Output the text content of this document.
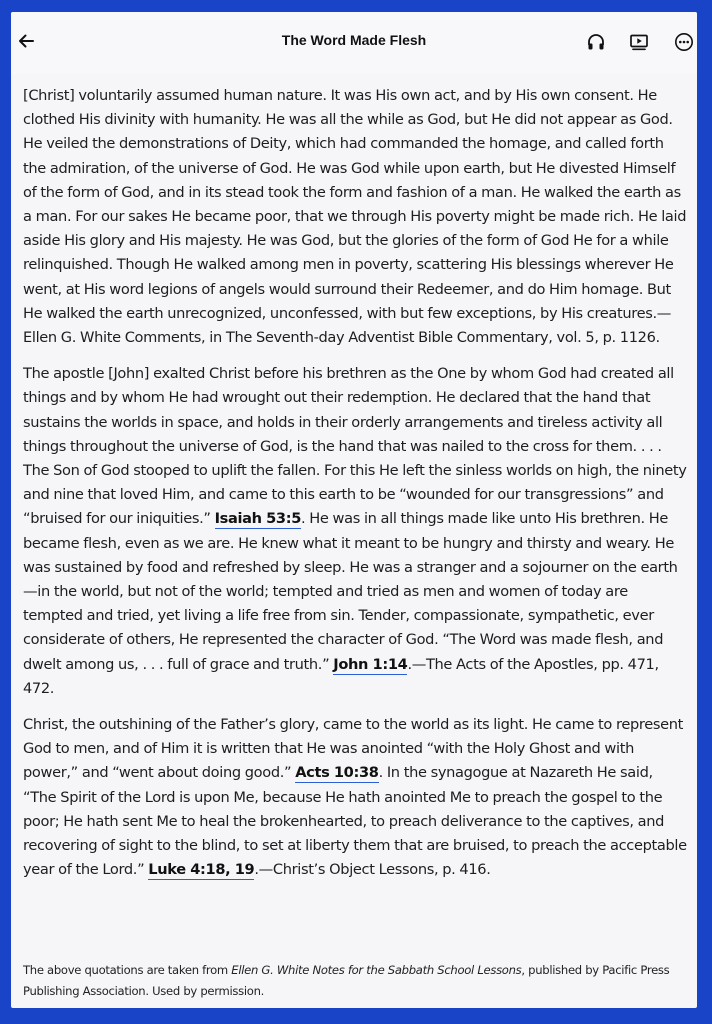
The Word Made Flesh

[Christ] voluntarily assumed human nature. It was His own act, and by His own consent. He clothed His divinity with humanity. He was all the while as God, but He did not appear as God. He veiled the demonstrations of Deity, which had commanded the homage, and called forth the admiration, of the universe of God. He was God while upon earth, but He divested Himself of the form of God, and in its stead took the form and fashion of a man. He walked the earth as a man. For our sakes He became poor, that we through His poverty might be made rich. He laid aside His glory and His majesty. He was God, but the glories of the form of God He for a while relinquished. Though He walked among men in poverty, scattering His blessings wherever He went, at His word legions of angels would surround their Redeemer, and do Him homage. But He walked the earth unrecognized, unconfessed, with but few exceptions, by His creatures.—Ellen G. White Comments, in The Seventh-day Adventist Bible Commentary, vol. 5, p. 1126.

The apostle [John] exalted Christ before his brethren as the One by whom God had created all things and by whom He had wrought out their redemption. He declared that the hand that sustains the worlds in space, and holds in their orderly arrangements and tireless activity all things throughout the universe of God, is the hand that was nailed to the cross for them. . . .

The Son of God stooped to uplift the fallen. For this He left the sinless worlds on high, the ninety and nine that loved Him, and came to this earth to be “wounded for our transgressions” and “bruised for our iniquities.” Isaiah 53:5. He was in all things made like unto His brethren. He became flesh, even as we are. He knew what it meant to be hungry and thirsty and weary. He was sustained by food and refreshed by sleep. He was a stranger and a sojourner on the earth—in the world, but not of the world; tempted and tried as men and women of today are tempted and tried, yet living a life free from sin. Tender, compassionate, sympathetic, ever considerate of others, He represented the character of God. “The Word was made flesh, and dwelt among us, . . . full of grace and truth.” John 1:14.—The Acts of the Apostles, pp. 471, 472.

Christ, the outshining of the Father’s glory, came to the world as its light. He came to represent God to men, and of Him it is written that He was anointed “with the Holy Ghost and with power,” and “went about doing good.” Acts 10:38. In the synagogue at Nazareth He said, “The Spirit of the Lord is upon Me, because He hath anointed Me to preach the gospel to the poor; He hath sent Me to heal the brokenhearted, to preach deliverance to the captives, and recovering of sight to the blind, to set at liberty them that are bruised, to preach the acceptable year of the Lord.” Luke 4:18, 19.—Christ’s Object Lessons, p. 416.

The above quotations are taken from Ellen G. White Notes for the Sabbath School Lessons, published by Pacific Press Publishing Association. Used by permission.
